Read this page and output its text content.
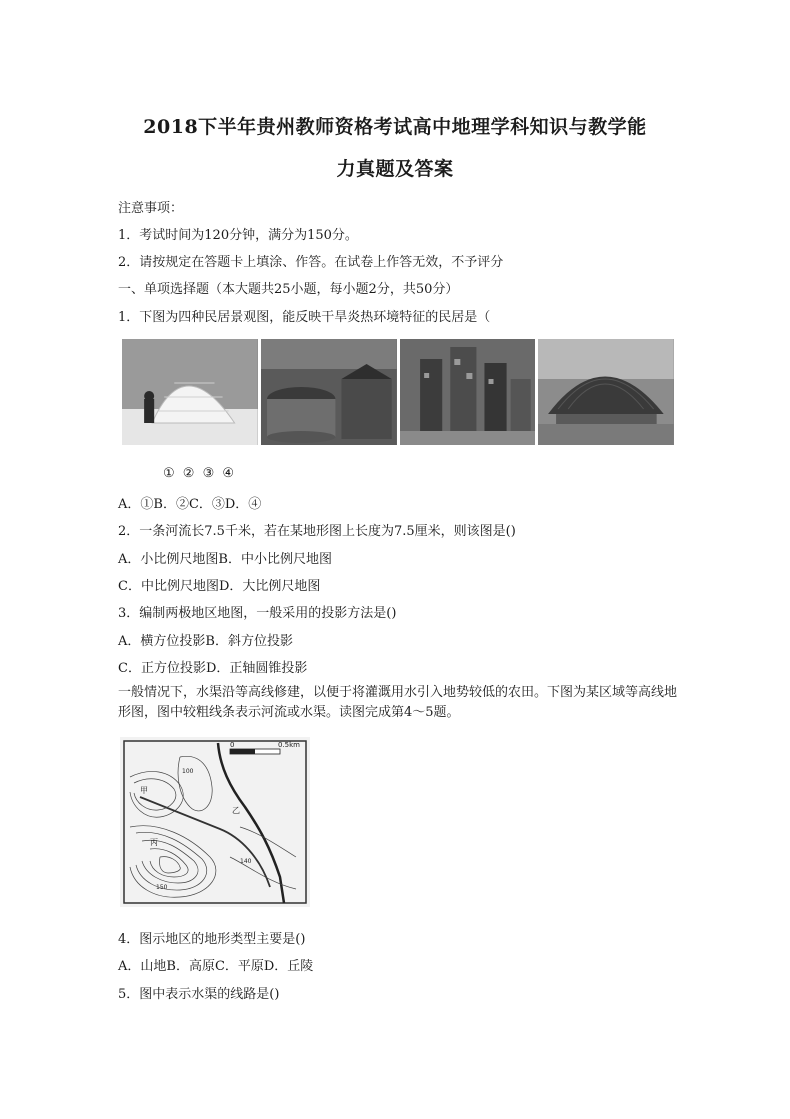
2018下半年贵州教师资格考试高中地理学科知识与教学能
力真题及答案
注意事项：
1．考试时间为120分钟，满分为150分。
2．请按规定在答题卡上填涂、作答。在试卷上作答无效，不予评分
一、单项选择题（本大题共25小题，每小题2分，共50分）
1．下图为四种民居景观图，能反映干旱炎热环境特征的民居是（
① ② ③ ④
A．①B．②C．③D．④
2．一条河流长7.5千米，若在某地形图上长度为7.5厘米，则该图是()
A．小比例尺地图B．中小比例尺地图
C．中比例尺地图D．大比例尺地图
3．编制两极地区地图，一般采用的投影方法是()
A．横方位投影B．斜方位投影
C．正方位投影D．正轴圆锥投影
一般情况下，水渠沿等高线修建，以便于将灌溉用水引入地势较低的农田。下图为某区域等高线地形图，图中较粗线条表示河流或水渠。读图完成第4～5题。
0	0.5km
甲
乙
丙
100
140
150
4．图示地区的地形类型主要是()
A．山地B．高原C．平原D．丘陵
5．图中表示水渠的线路是()
